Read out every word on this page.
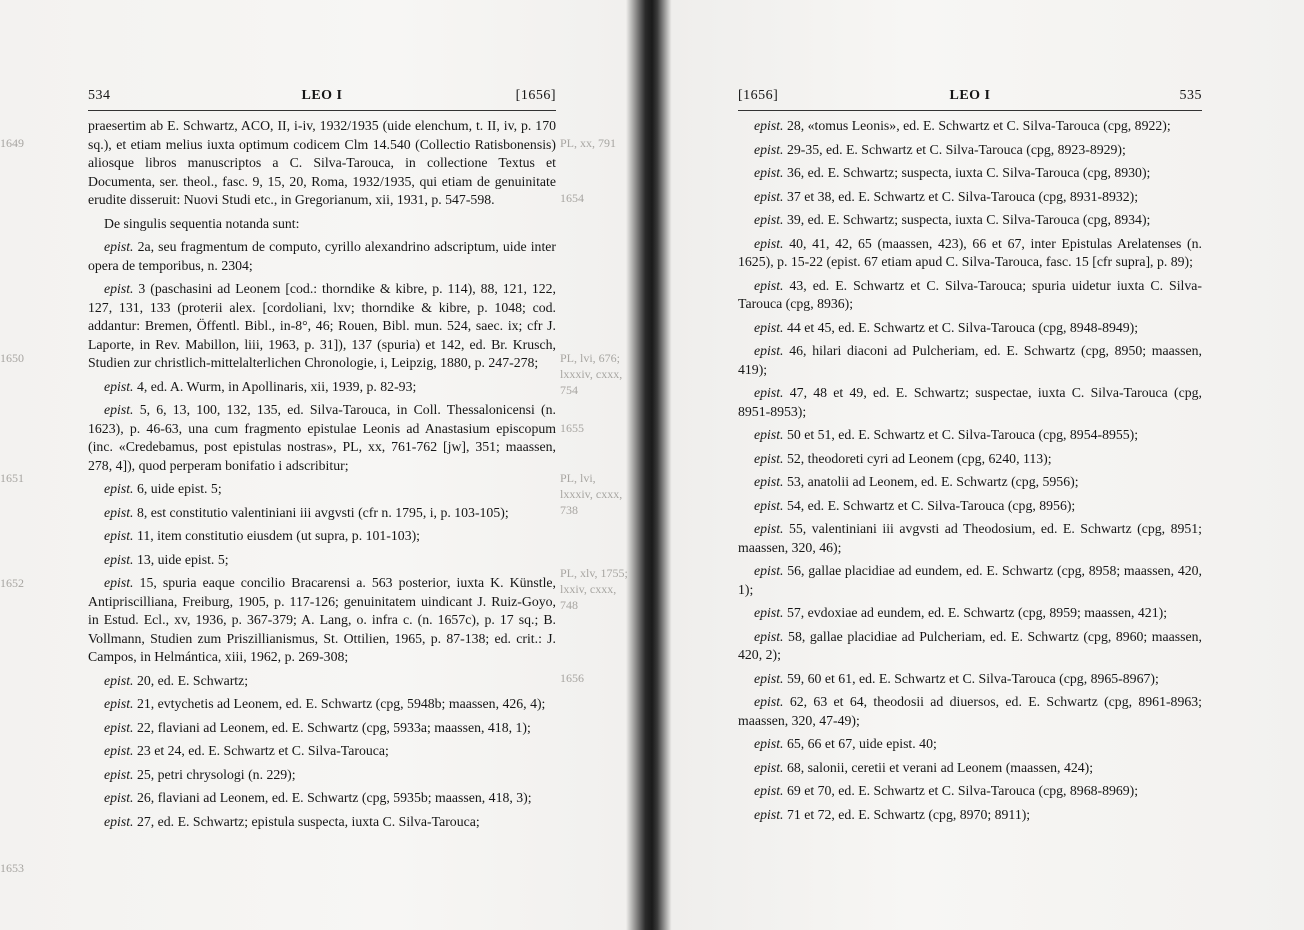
1649
1650
1651
1652
1653
PL, xx, 791
1654
PL, lvi, 676; lxxxiv, cxxx, 754
1655
PL, lvi, lxxxiv, cxxx, 738
PL, xlv, 1755; lxxiv, cxxx, 748
1656
534	LEO I	[1656]

praesertim ab E. Schwartz, ACO, II, i-iv, 1932/1935 (uide elenchum, t. II, iv, p. 170 sq.), et etiam melius iuxta optimum codicem Clm 14.540 (Collectio Ratisbonensis) aliosque libros manuscriptos a C. Silva-Tarouca, in collectione Textus et Documenta, ser. theol., fasc. 9, 15, 20, Roma, 1932/1935, qui etiam de genuinitate erudite disseruit: Nuovi Studi etc., in Gregorianum, xii, 1931, p. 547-598.

De singulis sequentia notanda sunt:

epist. 2a, seu fragmentum de computo, cyrillo alexandrino adscriptum, uide inter opera de temporibus, n. 2304;

epist. 3 (paschasini ad Leonem [cod.: thorndike & kibre, p. 114), 88, 121, 122, 127, 131, 133 (proterii alex. [cordoliani, lxv; thorndike & kibre, p. 1048; cod. addantur: Bremen, Öffentl. Bibl., in-8°, 46; Rouen, Bibl. mun. 524, saec. ix; cfr J. Laporte, in Rev. Mabillon, liii, 1963, p. 31]), 137 (spuria) et 142, ed. Br. Krusch, Studien zur christlich-mittelalterlichen Chronologie, i, Leipzig, 1880, p. 247-278;

epist. 4, ed. A. Wurm, in Apollinaris, xii, 1939, p. 82-93;

epist. 5, 6, 13, 100, 132, 135, ed. Silva-Tarouca, in Coll. Thessalonicensi (n. 1623), p. 46-63, una cum fragmento epistulae Leonis ad Anastasium episcopum (inc. «Credebamus, post epistulas nostras», PL, xx, 761-762 [jw], 351; maassen, 278, 4]), quod perperam bonifatio i adscribitur;

epist. 6, uide epist. 5;

epist. 8, est constitutio valentiniani iii avgvsti (cfr n. 1795, i, p. 103-105);

epist. 11, item constitutio eiusdem (ut supra, p. 101-103);

epist. 13, uide epist. 5;

epist. 15, spuria eaque concilio Bracarensi a. 563 posterior, iuxta K. Künstle, Antipriscilliana, Freiburg, 1905, p. 117-126; genuinitatem uindicant J. Ruiz-Goyo, in Estud. Ecl., xv, 1936, p. 367-379; A. Lang, o. infra c. (n. 1657c), p. 17 sq.; B. Vollmann, Studien zum Priszillianismus, St. Ottilien, 1965, p. 87-138; ed. crit.: J. Campos, in Helmántica, xiii, 1962, p. 269-308;

epist. 20, ed. E. Schwartz;

epist. 21, evtychetis ad Leonem, ed. E. Schwartz (cpg, 5948b; maassen, 426, 4);

epist. 22, flaviani ad Leonem, ed. E. Schwartz (cpg, 5933a; maassen, 418, 1);

epist. 23 et 24, ed. E. Schwartz et C. Silva-Tarouca;

epist. 25, petri chrysologi (n. 229);

epist. 26, flaviani ad Leonem, ed. E. Schwartz (cpg, 5935b; maassen, 418, 3);

epist. 27, ed. E. Schwartz; epistula suspecta, iuxta C. Silva-Tarouca;

[1656]	LEO I	535

epist. 28, «tomus Leonis», ed. E. Schwartz et C. Silva-Tarouca (cpg, 8922);

epist. 29-35, ed. E. Schwartz et C. Silva-Tarouca (cpg, 8923-8929);

epist. 36, ed. E. Schwartz; suspecta, iuxta C. Silva-Tarouca (cpg, 8930);

epist. 37 et 38, ed. E. Schwartz et C. Silva-Tarouca (cpg, 8931-8932);

epist. 39, ed. E. Schwartz; suspecta, iuxta C. Silva-Tarouca (cpg, 8934);

epist. 40, 41, 42, 65 (maassen, 423), 66 et 67, inter Epistulas Arelatenses (n. 1625), p. 15-22 (epist. 67 etiam apud C. Silva-Tarouca, fasc. 15 [cfr supra], p. 89);

epist. 43, ed. E. Schwartz et C. Silva-Tarouca; spuria uidetur iuxta C. Silva-Tarouca (cpg, 8936);

epist. 44 et 45, ed. E. Schwartz et C. Silva-Tarouca (cpg, 8948-8949);

epist. 46, hilari diaconi ad Pulcheriam, ed. E. Schwartz (cpg, 8950; maassen, 419);

epist. 47, 48 et 49, ed. E. Schwartz; suspectae, iuxta C. Silva-Tarouca (cpg, 8951-8953);

epist. 50 et 51, ed. E. Schwartz et C. Silva-Tarouca (cpg, 8954-8955);

epist. 52, theodoreti cyri ad Leonem (cpg, 6240, 113);

epist. 53, anatolii ad Leonem, ed. E. Schwartz (cpg, 5956);

epist. 54, ed. E. Schwartz et C. Silva-Tarouca (cpg, 8956);

epist. 55, valentiniani iii avgvsti ad Theodosium, ed. E. Schwartz (cpg, 8951; maassen, 320, 46);

epist. 56, gallae placidiae ad eundem, ed. E. Schwartz (cpg, 8958; maassen, 420, 1);

epist. 57, evdoxiae ad eundem, ed. E. Schwartz (cpg, 8959; maassen, 421);

epist. 58, gallae placidiae ad Pulcheriam, ed. E. Schwartz (cpg, 8960; maassen, 420, 2);

epist. 59, 60 et 61, ed. E. Schwartz et C. Silva-Tarouca (cpg, 8965-8967);

epist. 62, 63 et 64, theodosii ad diuersos, ed. E. Schwartz (cpg, 8961-8963; maassen, 320, 47-49);

epist. 65, 66 et 67, uide epist. 40;

epist. 68, salonii, ceretii et verani ad Leonem (maassen, 424);

epist. 69 et 70, ed. E. Schwartz et C. Silva-Tarouca (cpg, 8968-8969);

epist. 71 et 72, ed. E. Schwartz (cpg, 8970; 8911);
